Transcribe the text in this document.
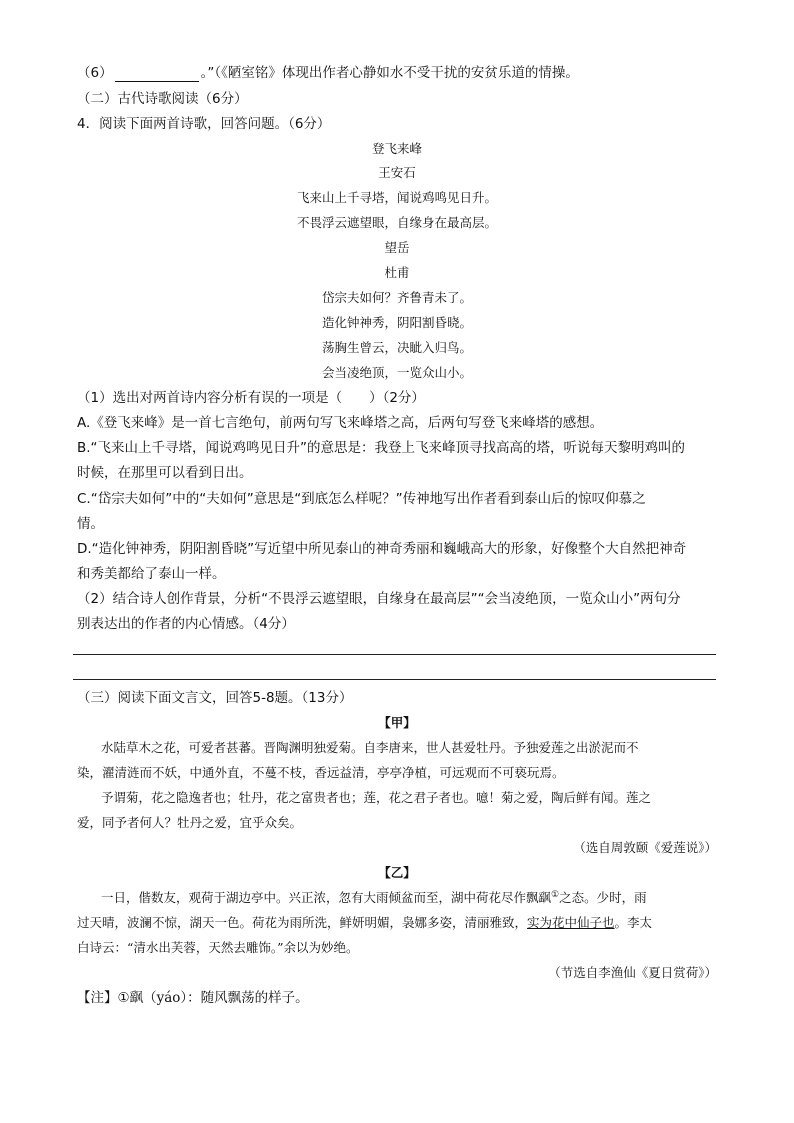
（6）	。”（《陋室铭》体现出作者心静如水不受干扰的安贫乐道的情操。
（二）古代诗歌阅读（6分）
4．阅读下面两首诗歌，回答问题。（6分）
登飞来峰
王安石
飞来山上千寻塔，闻说鸡鸣见日升。
不畏浮云遮望眼，自缘身在最高层。
望岳
杜甫
岱宗夫如何？齐鲁青未了。
造化钟神秀，阴阳割昏晓。
荡胸生曾云，决眦入归鸟。
会当凌绝顶，一览众山小。
（1）选出对两首诗内容分析有误的一项是（　　）（2分）
A.《登飞来峰》是一首七言绝句，前两句写飞来峰塔之高，后两句写登飞来峰塔的感想。
B.“飞来山上千寻塔，闻说鸡鸣见日升”的意思是：我登上飞来峰顶寻找高高的塔，听说每天黎明鸡叫的
时候，在那里可以看到日出。
C.“岱宗夫如何”中的“夫如何”意思是“到底怎么样呢？”传神地写出作者看到泰山后的惊叹仰慕之
情。
D.“造化钟神秀，阴阳割昏晓”写近望中所见泰山的神奇秀丽和巍峨高大的形象，好像整个大自然把神奇
和秀美都给了泰山一样。
（2）结合诗人创作背景，分析“不畏浮云遮望眼，自缘身在最高层”“会当凌绝顶，一览众山小”两句分
别表达出的作者的内心情感。（4分）
（三）阅读下面文言文，回答5-8题。（13分）
【甲】
水陆草木之花，可爱者甚蕃。晋陶渊明独爱菊。自李唐来，世人甚爱牡丹。予独爱莲之出淤泥而不
染，濯清涟而不妖，中通外直，不蔓不枝，香远益清，亭亭净植，可远观而不可亵玩焉。
予谓菊，花之隐逸者也；牡丹，花之富贵者也；莲，花之君子者也。噫！菊之爱，陶后鲜有闻。莲之
爱，同予者何人？牡丹之爱，宜乎众矣。
（选自周敦颐《爱莲说》）
【乙】
一日，偕数友，观荷于湖边亭中。兴正浓，忽有大雨倾盆而至，湖中荷花尽作飘飖①之态。少时，雨
过天晴，波澜不惊，湖天一色。荷花为雨所洗，鲜妍明媚，袅娜多姿，清丽雅致，实为花中仙子也。李太
白诗云：“清水出芙蓉，天然去雕饰。”余以为妙绝。
（节选自李渔仙《夏日赏荷》）
【注】①飖（yáo）：随风飘荡的样子。
